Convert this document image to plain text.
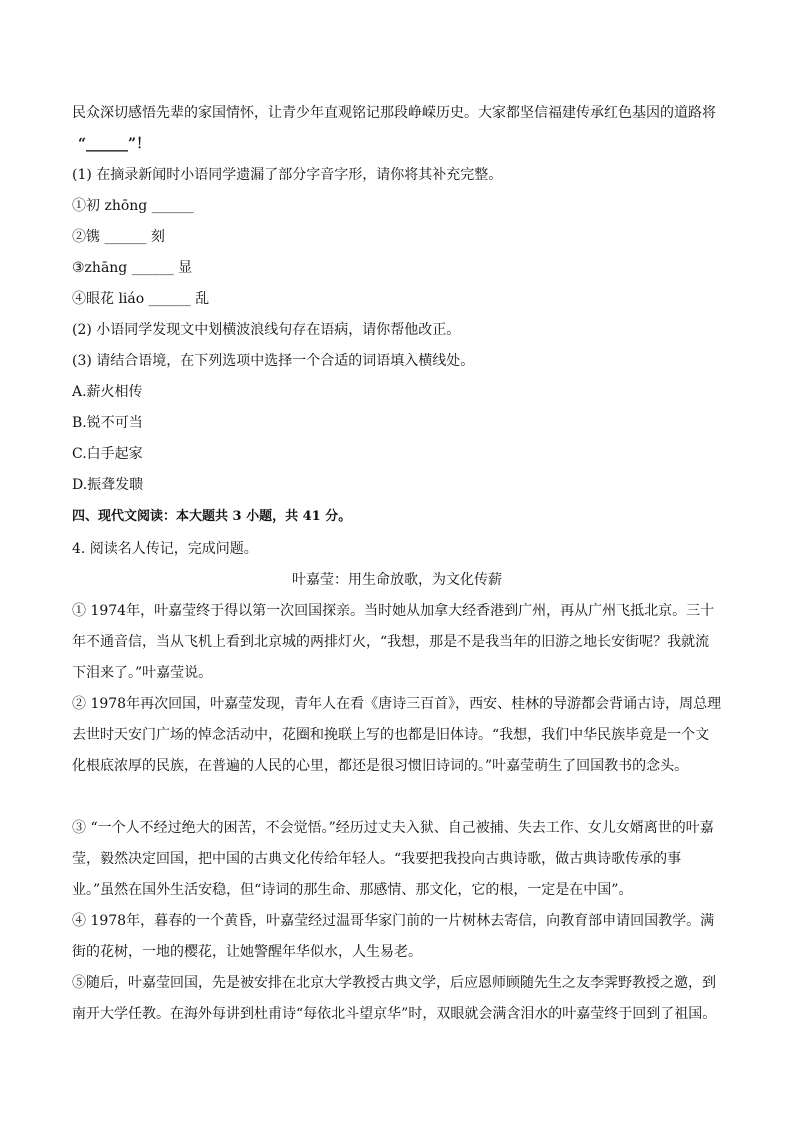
民众深切感悟先辈的家国情怀，让青少年直观铭记那段峥嵘历史。大家都坚信福建传承红色基因的道路将
“______”！
(1) 在摘录新闻时小语同学遗漏了部分字音字形，请你将其补充完整。
①初 zhōng ______
②镌 ______ 刻
③zhāng ______ 显
④眼花 liáo ______ 乱
(2) 小语同学发现文中划横波浪线句存在语病，请你帮他改正。
(3) 请结合语境，在下列选项中选择一个合适的词语填入横线处。
A.薪火相传
B.锐不可当
C.白手起家
D.振聋发聩
四、现代文阅读：本大题共 3 小题，共 41 分。
4. 阅读名人传记，完成问题。
叶嘉莹：用生命放歌，为文化传薪
① 1974年，叶嘉莹终于得以第一次回国探亲。当时她从加拿大经香港到广州，再从广州飞抵北京。三十年不通音信，当从飞机上看到北京城的两排灯火，“我想，那是不是我当年的旧游之地长安街呢？我就流下泪来了。”叶嘉莹说。
② 1978年再次回国，叶嘉莹发现，青年人在看《唐诗三百首》，西安、桂林的导游都会背诵古诗，周总理去世时天安门广场的悼念活动中，花圈和挽联上写的也都是旧体诗。“我想，我们中华民族毕竟是一个文化根底浓厚的民族，在普遍的人民的心里，都还是很习惯旧诗词的。”叶嘉莹萌生了回国教书的念头。
③ “一个人不经过绝大的困苦，不会觉悟。”经历过丈夫入狱、自己被捕、失去工作、女儿女婿离世的叶嘉莹，毅然决定回国，把中国的古典文化传给年轻人。“我要把我投向古典诗歌，做古典诗歌传承的事业。”虽然在国外生活安稳，但“诗词的那生命、那感情、那文化，它的根，一定是在中国”。
④ 1978年，暮春的一个黄昏，叶嘉莹经过温哥华家门前的一片树林去寄信，向教育部申请回国教学。满街的花树，一地的樱花，让她警醒年华似水，人生易老。
⑤随后，叶嘉莹回国，先是被安排在北京大学教授古典文学，后应恩师顾随先生之友李霁野教授之邀，到南开大学任教。在海外每讲到杜甫诗“每依北斗望京华”时，双眼就会满含泪水的叶嘉莹终于回到了祖国。
